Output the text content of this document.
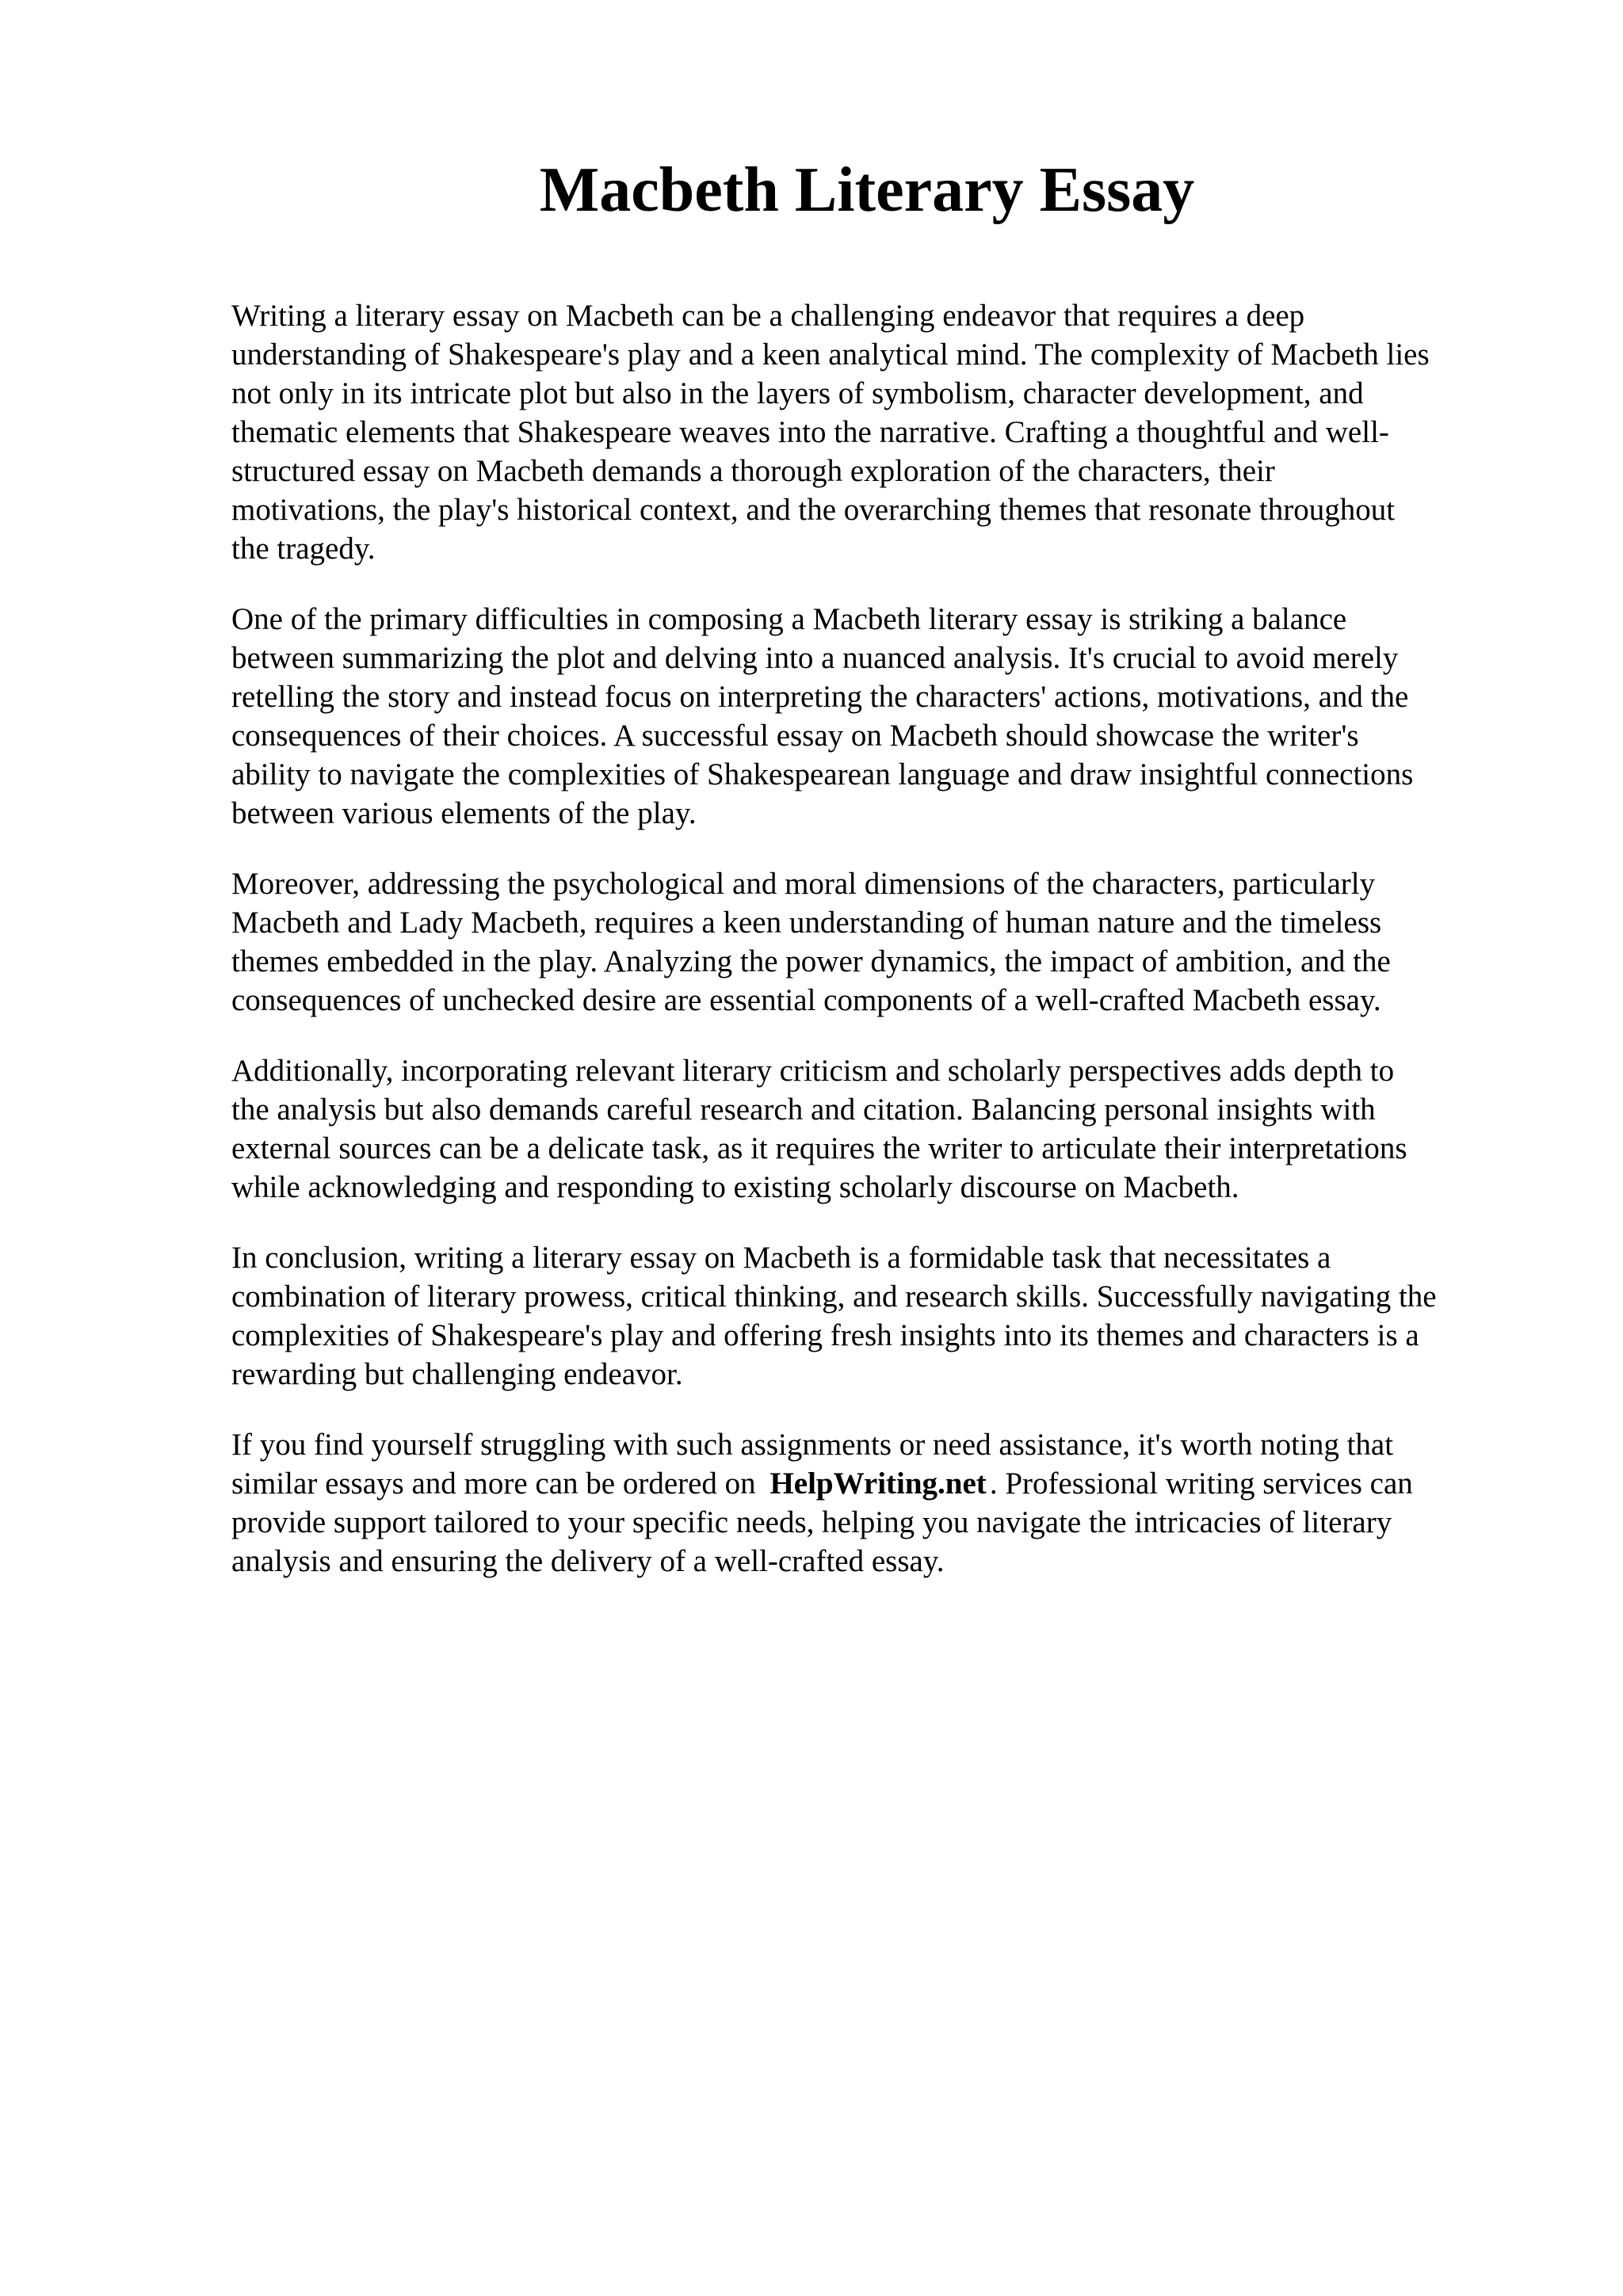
Macbeth Literary Essay

Writing a literary essay on Macbeth can be a challenging endeavor that requires a deep
understanding of Shakespeare's play and a keen analytical mind. The complexity of Macbeth lies
not only in its intricate plot but also in the layers of symbolism, character development, and
thematic elements that Shakespeare weaves into the narrative. Crafting a thoughtful and well-
structured essay on Macbeth demands a thorough exploration of the characters, their
motivations, the play's historical context, and the overarching themes that resonate throughout
the tragedy.

One of the primary difficulties in composing a Macbeth literary essay is striking a balance
between summarizing the plot and delving into a nuanced analysis. It's crucial to avoid merely
retelling the story and instead focus on interpreting the characters' actions, motivations, and the
consequences of their choices. A successful essay on Macbeth should showcase the writer's
ability to navigate the complexities of Shakespearean language and draw insightful connections
between various elements of the play.

Moreover, addressing the psychological and moral dimensions of the characters, particularly
Macbeth and Lady Macbeth, requires a keen understanding of human nature and the timeless
themes embedded in the play. Analyzing the power dynamics, the impact of ambition, and the
consequences of unchecked desire are essential components of a well-crafted Macbeth essay.

Additionally, incorporating relevant literary criticism and scholarly perspectives adds depth to
the analysis but also demands careful research and citation. Balancing personal insights with
external sources can be a delicate task, as it requires the writer to articulate their interpretations
while acknowledging and responding to existing scholarly discourse on Macbeth.

In conclusion, writing a literary essay on Macbeth is a formidable task that necessitates a
combination of literary prowess, critical thinking, and research skills. Successfully navigating the
complexities of Shakespeare's play and offering fresh insights into its themes and characters is a
rewarding but challenging endeavor.

If you find yourself struggling with such assignments or need assistance, it's worth noting that
similar essays and more can be ordered on HelpWriting.net . Professional writing services can
provide support tailored to your specific needs, helping you navigate the intricacies of literary
analysis and ensuring the delivery of a well-crafted essay.
